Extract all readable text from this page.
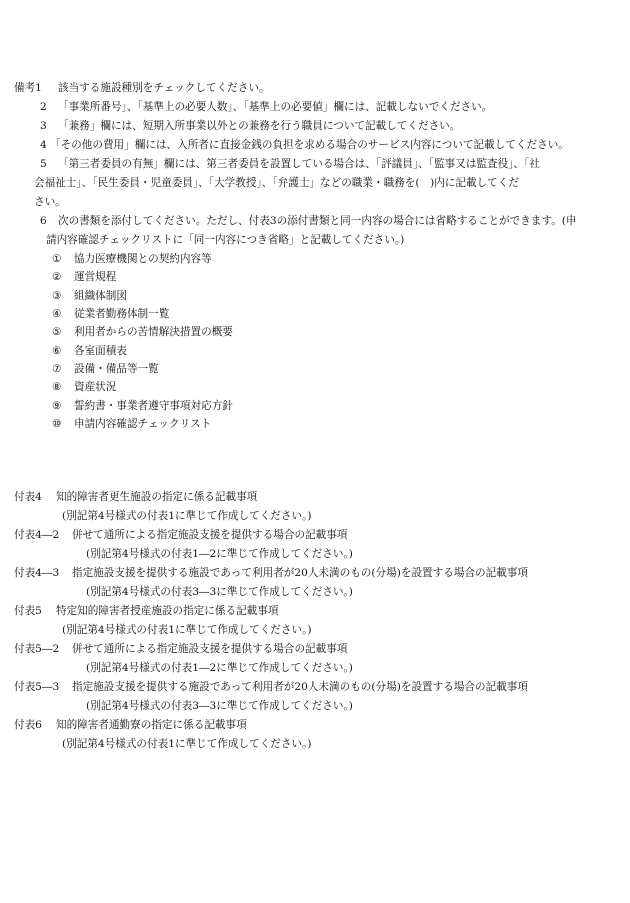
備考1 該当する施設種別をチェックしてください。
2 「事業所番号」、「基準上の必要人数」、「基準上の必要値」欄には、記載しないでください。
3 「兼務」欄には、短期入所事業以外との兼務を行う職員について記載してください。
4 「その他の費用」欄には、入所者に直接金銭の負担を求める場合のサービス内容について記載してください。
5 「第三者委員の有無」欄には、第三者委員を設置している場合は、「評議員」、「監事又は監査役」、「社
会福祉士」、「民生委員・児童委員」、「大学教授」、「弁護士」などの職業・職務を(　)内に記載してくだ
さい。
6 次の書類を添付してください。ただし、付表3の添付書類と同一内容の場合には省略することができます。(申
請内容確認チェックリストに「同一内容につき省略」と記載してください。)
① 協力医療機関との契約内容等
② 運営規程
③ 組織体制図
④ 従業者勤務体制一覧
⑤ 利用者からの苦情解決措置の概要
⑥ 各室面積表
⑦ 設備・備品等一覧
⑧ 資産状況
⑨ 誓約書・事業者遵守事項対応方針
⑩ 申請内容確認チェックリスト
付表4 知的障害者更生施設の指定に係る記載事項
(別記第4号様式の付表1に準じて作成してください。)
付表4―2 併せて通所による指定施設支援を提供する場合の記載事項
(別記第4号様式の付表1―2に準じて作成してください。)
付表4―3 指定施設支援を提供する施設であって利用者が20人未満のもの(分場)を設置する場合の記載事項
(別記第4号様式の付表3―3に準じて作成してください。)
付表5 特定知的障害者授産施設の指定に係る記載事項
(別記第4号様式の付表1に準じて作成してください。)
付表5―2 併せて通所による指定施設支援を提供する場合の記載事項
(別記第4号様式の付表1―2に準じて作成してください。)
付表5―3 指定施設支援を提供する施設であって利用者が20人未満のもの(分場)を設置する場合の記載事項
(別記第4号様式の付表3―3に準じて作成してください。)
付表6 知的障害者通勤寮の指定に係る記載事項
(別記第4号様式の付表1に準じて作成してください。)
